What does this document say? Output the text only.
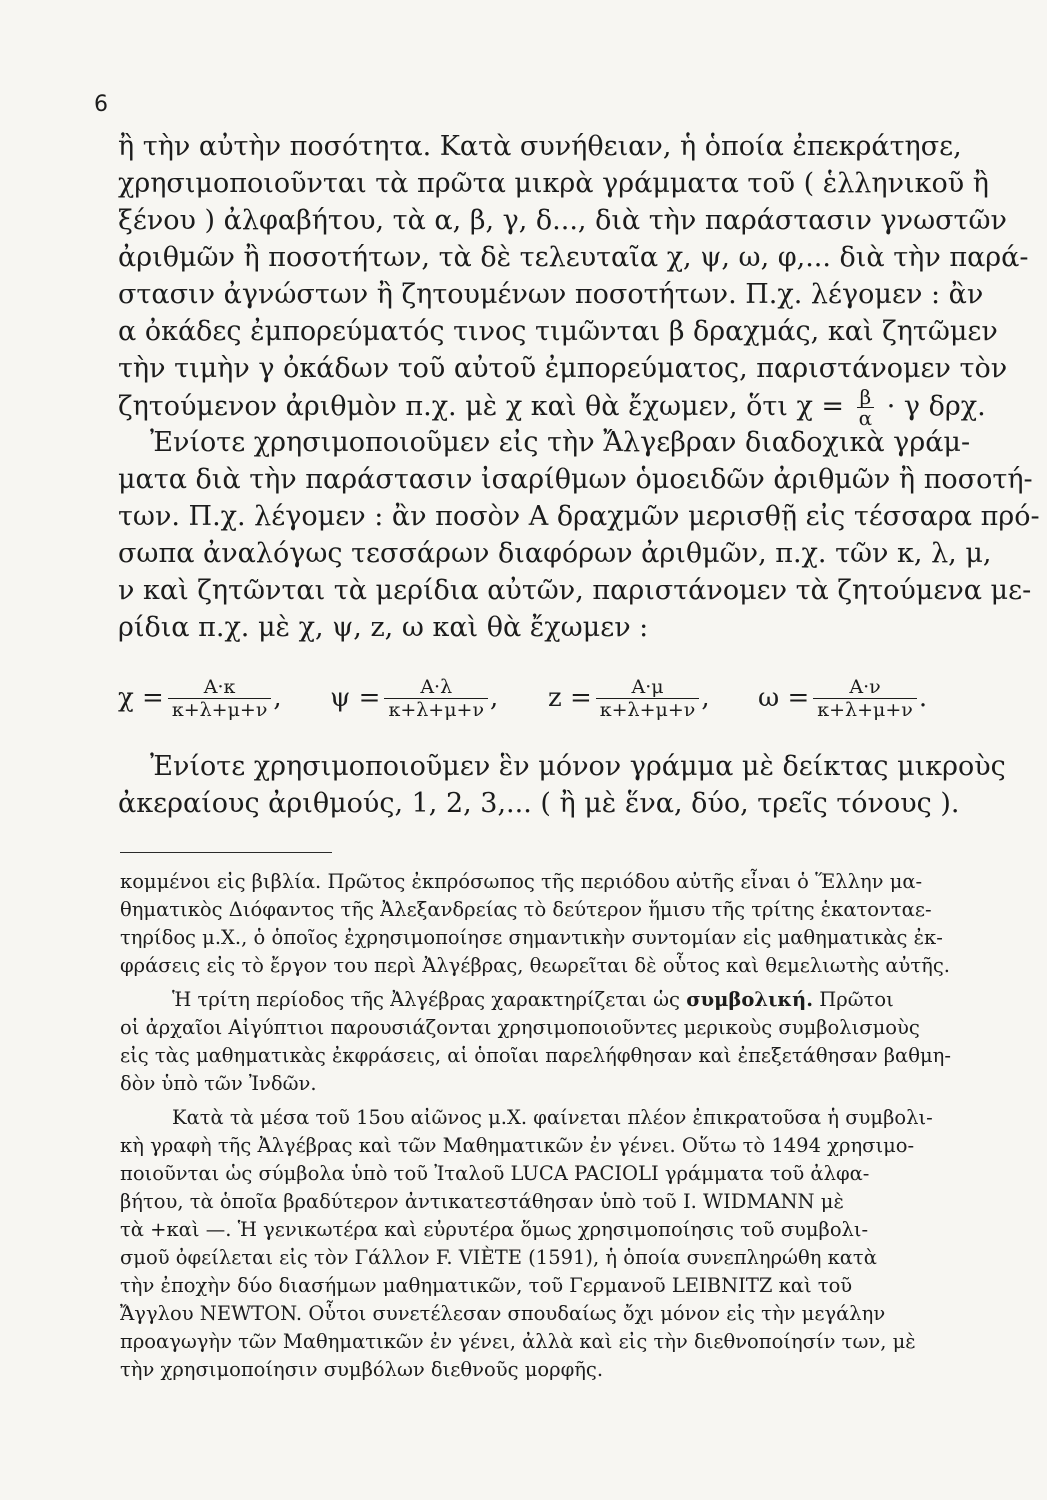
6
ἢ τὴν αὐτὴν ποσότητα. Κατὰ συνήθειαν, ἡ ὁποία ἐπεκράτησε,
χρησιμοποιοῦνται τὰ πρῶτα μικρὰ γράμματα τοῦ ( ἑλληνικοῦ ἢ
ξένου ) ἀλφαβήτου, τὰ α, β, γ, δ..., διὰ τὴν παράστασιν γνωστῶν
ἀριθμῶν ἢ ποσοτήτων, τὰ δὲ τελευταῖα χ, ψ, ω, φ,... διὰ τὴν παρά-
στασιν ἀγνώστων ἢ ζητουμένων ποσοτήτων. Π.χ. λέγομεν : ἂν
α ὀκάδες ἐμπορεύματός τινος τιμῶνται β δραχμάς, καὶ ζητῶμεν
τὴν τιμὴν γ ὀκάδων τοῦ αὐτοῦ ἐμπορεύματος, παριστάνομεν τὸν
ζητούμενον ἀριθμὸν π.χ. μὲ χ καὶ θὰ ἔχωμεν, ὅτι $\chi = \frac{\beta}{\alpha} \cdot \gamma$ δρχ.
Ἐνίοτε χρησιμοποιοῦμεν εἰς τὴν Ἄλγεβραν διαδοχικὰ γράμ-
ματα διὰ τὴν παράστασιν ἰσαρίθμων ὁμοειδῶν ἀριθμῶν ἢ ποσοτή-
των. Π.χ. λέγομεν : ἂν ποσὸν Α δραχμῶν μερισθῇ εἰς τέσσαρα πρό-
σωπα ἀναλόγως τεσσάρων διαφόρων ἀριθμῶν, π.χ. τῶν κ, λ, μ,
ν καὶ ζητῶνται τὰ μερίδια αὐτῶν, παριστάνομεν τὰ ζητούμενα με-
ρίδια π.χ. μὲ χ, ψ, z, ω καὶ θὰ ἔχωμεν :
$\chi = \frac{A\cdot\kappa}{\kappa+\lambda+\mu+\nu}$ , $\psi = \frac{A\cdot\lambda}{\kappa+\lambda+\mu+\nu}$ , $z = \frac{A\cdot\mu}{\kappa+\lambda+\mu+\nu}$ , $\omega = \frac{A\cdot\nu}{\kappa+\lambda+\mu+\nu}$ .
Ἐνίοτε χρησιμοποιοῦμεν ἓν μόνον γράμμα μὲ δείκτας μικροὺς
ἀκεραίους ἀριθμούς, 1, 2, 3,... ( ἢ μὲ ἕνα, δύο, τρεῖς τόνους ).
κομμένοι εἰς βιβλία. Πρῶτος ἐκπρόσωπος τῆς περιόδου αὐτῆς εἶναι ὁ Ἕλλην μα-
θηματικὸς Διόφαντος τῆς Ἀλεξανδρείας τὸ δεύτερον ἥμισυ τῆς τρίτης ἑκατονταε-
τηρίδος μ.Χ., ὁ ὁποῖος ἐχρησιμοποίησε σημαντικὴν συντομίαν εἰς μαθηματικὰς ἐκ-
φράσεις εἰς τὸ ἔργον του περὶ Ἀλγέβρας, θεωρεῖται δὲ οὗτος καὶ θεμελιωτὴς αὐτῆς.
Ἡ τρίτη περίοδος τῆς Ἀλγέβρας χαρακτηρίζεται ὡς συμβολική. Πρῶτοι
οἱ ἀρχαῖοι Αἰγύπτιοι παρουσιάζονται χρησιμοποιοῦντες μερικοὺς συμβολισμοὺς
εἰς τὰς μαθηματικὰς ἐκφράσεις, αἱ ὁποῖαι παρελήφθησαν καὶ ἐπεξετάθησαν βαθμη-
δὸν ὑπὸ τῶν Ἰνδῶν.
Κατὰ τὰ μέσα τοῦ 15ου αἰῶνος μ.Χ. φαίνεται πλέον ἐπικρατοῦσα ἡ συμβολι-
κὴ γραφὴ τῆς Ἀλγέβρας καὶ τῶν Μαθηματικῶν ἐν γένει. Οὕτω τὸ 1494 χρησιμο-
ποιοῦνται ὡς σύμβολα ὑπὸ τοῦ Ἰταλοῦ LUCA PACIOLI γράμματα τοῦ ἀλφα-
βήτου, τὰ ὁποῖα βραδύτερον ἀντικατεστάθησαν ὑπὸ τοῦ I. WIDMANN μὲ
τὰ +καὶ —. Ἡ γενικωτέρα καὶ εὐρυτέρα ὅμως χρησιμοποίησις τοῦ συμβολι-
σμοῦ ὀφείλεται εἰς τὸν Γάλλον F. VIÈTE (1591), ἡ ὁποία συνεπληρώθη κατὰ
τὴν ἐποχὴν δύο διασήμων μαθηματικῶν, τοῦ Γερμανοῦ LEIBNITZ καὶ τοῦ
Ἄγγλου NEWTON. Οὗτοι συνετέλεσαν σπουδαίως ὄχι μόνον εἰς τὴν μεγάλην
προαγωγὴν τῶν Μαθηματικῶν ἐν γένει, ἀλλὰ καὶ εἰς τὴν διεθνοποίησίν των, μὲ
τὴν χρησιμοποίησιν συμβόλων διεθνοῦς μορφῆς.
